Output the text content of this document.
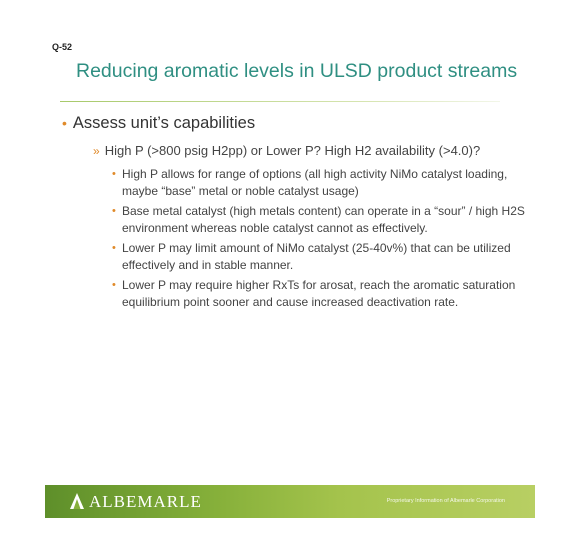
Q-52
Reducing aromatic levels in ULSD product streams
• Assess unit’s capabilities
» High P (>800 psig H2pp) or Lower P? High H2 availability (>4.0)?
• High P allows for range of options (all high activity NiMo catalyst loading, maybe “base” metal or noble catalyst usage)
• Base metal catalyst (high metals content) can operate in a “sour” / high H2S environment whereas noble catalyst cannot as effectively.
• Lower P may limit amount of NiMo catalyst (25-40v%) that can be utilized effectively and in stable manner.
• Lower P may require higher RxTs for arosat, reach the aromatic saturation equilibrium point sooner and cause increased deactivation rate.
ALBEMARLE	Proprietary Information of Albemarle Corporation
